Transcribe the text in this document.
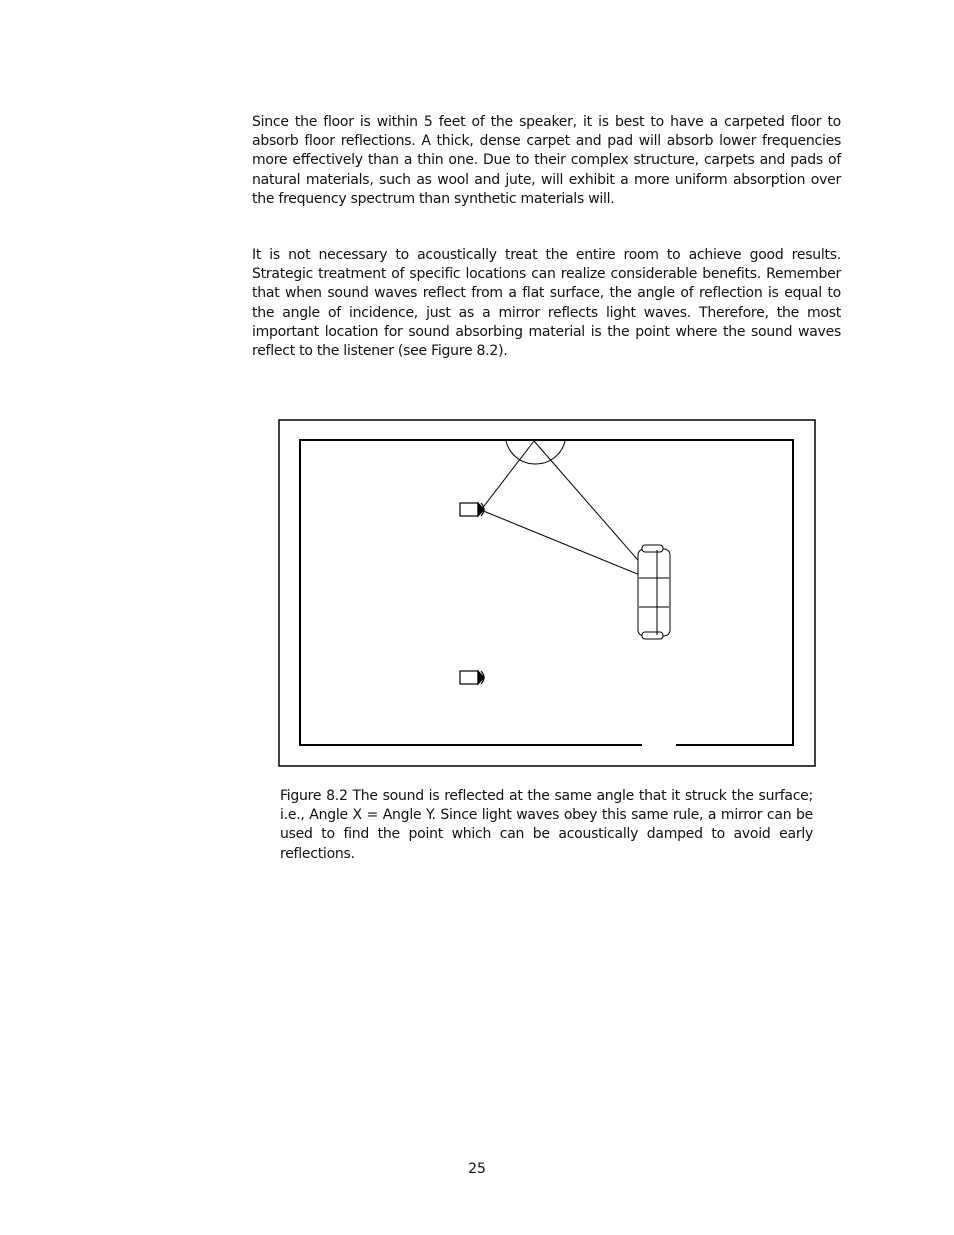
Since the floor is within 5 feet of the speaker, it is best to have a carpeted floor to absorb floor reflections. A thick, dense carpet and pad will absorb lower frequencies more effectively than a thin one. Due to their complex structure, carpets and pads of natural materials, such as wool and jute, will exhibit a more uniform absorption over the frequency spectrum than synthetic materials will.

It is not necessary to acoustically treat the entire room to achieve good results. Strategic treatment of specific locations can realize considerable benefits. Remember that when sound waves reflect from a flat surface, the angle of reflection is equal to the angle of incidence, just as a mirror reflects light waves. Therefore, the most important location for sound absorbing material is the point where the sound waves reflect to the listener (see Figure 8.2).

Figure 8.2 The sound is reflected at the same angle that it struck the surface; i.e., Angle X = Angle Y. Since light waves obey this same rule, a mirror can be used to find the point which can be acoustically damped to avoid early reflections.

25
